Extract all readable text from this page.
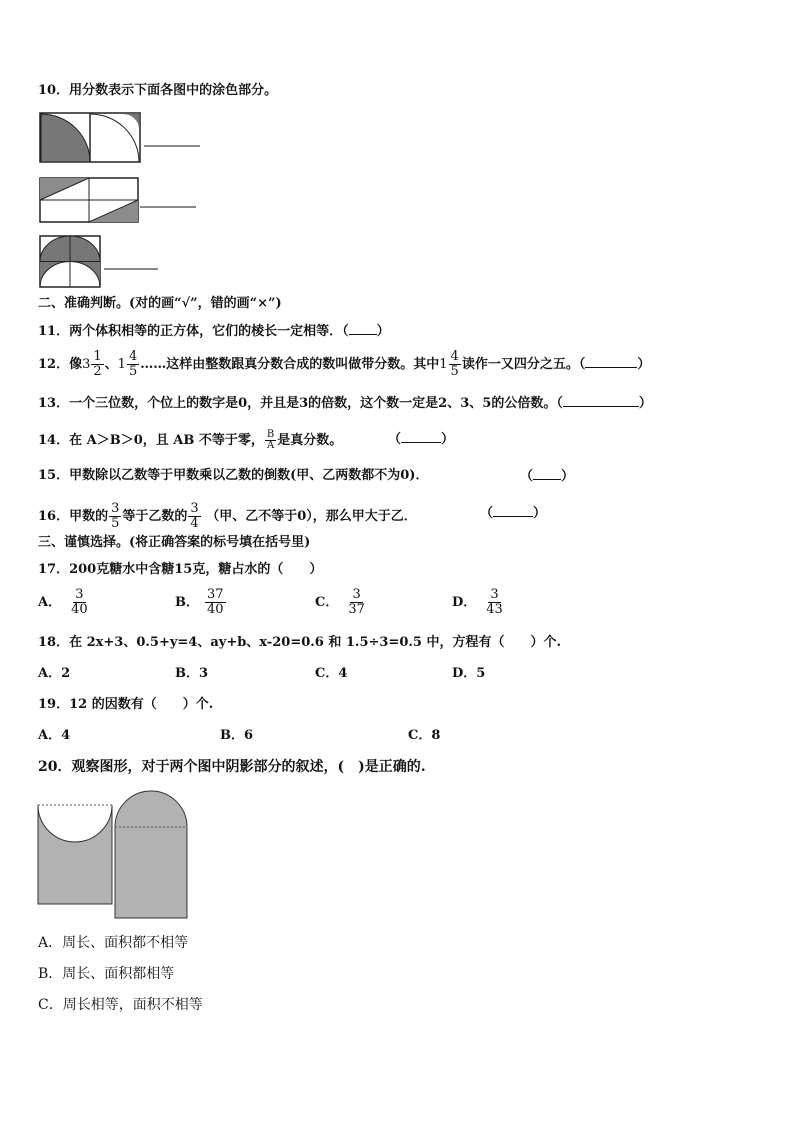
10．用分数表示下面各图中的涂色部分。
二、准确判断。(对的画“√”，错的画“×”)
11．两个体积相等的正方体，它们的棱长一定相等．（ ）
12．像$3 \frac{1}{2}$ 、$1 \frac{4}{5}$ ……这样由整数跟真分数合成的数叫做带分数。其中$1 \frac{4}{5}$ 读作一又四分之五。（	）
13．一个三位数，个位上的数字是0，并且是3的倍数，这个数一定是2、3、5的公倍数。（	）
14．在 A＞B＞0，且 AB 不等于零， $\frac{B}{A}$ 是真分数。	（	）
15．甲数除以乙数等于甲数乘以乙数的倒数(甲、乙两数都不为0)．	（ ）
16．甲数的 $\frac{3}{5}$ 等于乙数的 $\frac{3}{4}$ （甲、乙不等于0），那么甲大于乙．	（	）
三、谨慎选择。(将正确答案的标号填在括号里)
17．200克糖水中含糖15克，糖占水的（　　）
A． $\frac{3}{40}$	B． $\frac{37}{40}$	C． $\frac{3}{37}$	D． $\frac{3}{43}$
18．在 2x+3、0.5+y=4、ay+b、x-20=0.6 和 1.5÷3=0.5 中，方程有（　　）个.
A．2	B．3	C．4	D．5
19．12 的因数有（　　）个.
A．4	B．6	C．8
20．观察图形，对于两个图中阴影部分的叙述，(　)是正确的.
A．周长、面积都不相等
B．周长、面积都相等
C．周长相等，面积不相等
